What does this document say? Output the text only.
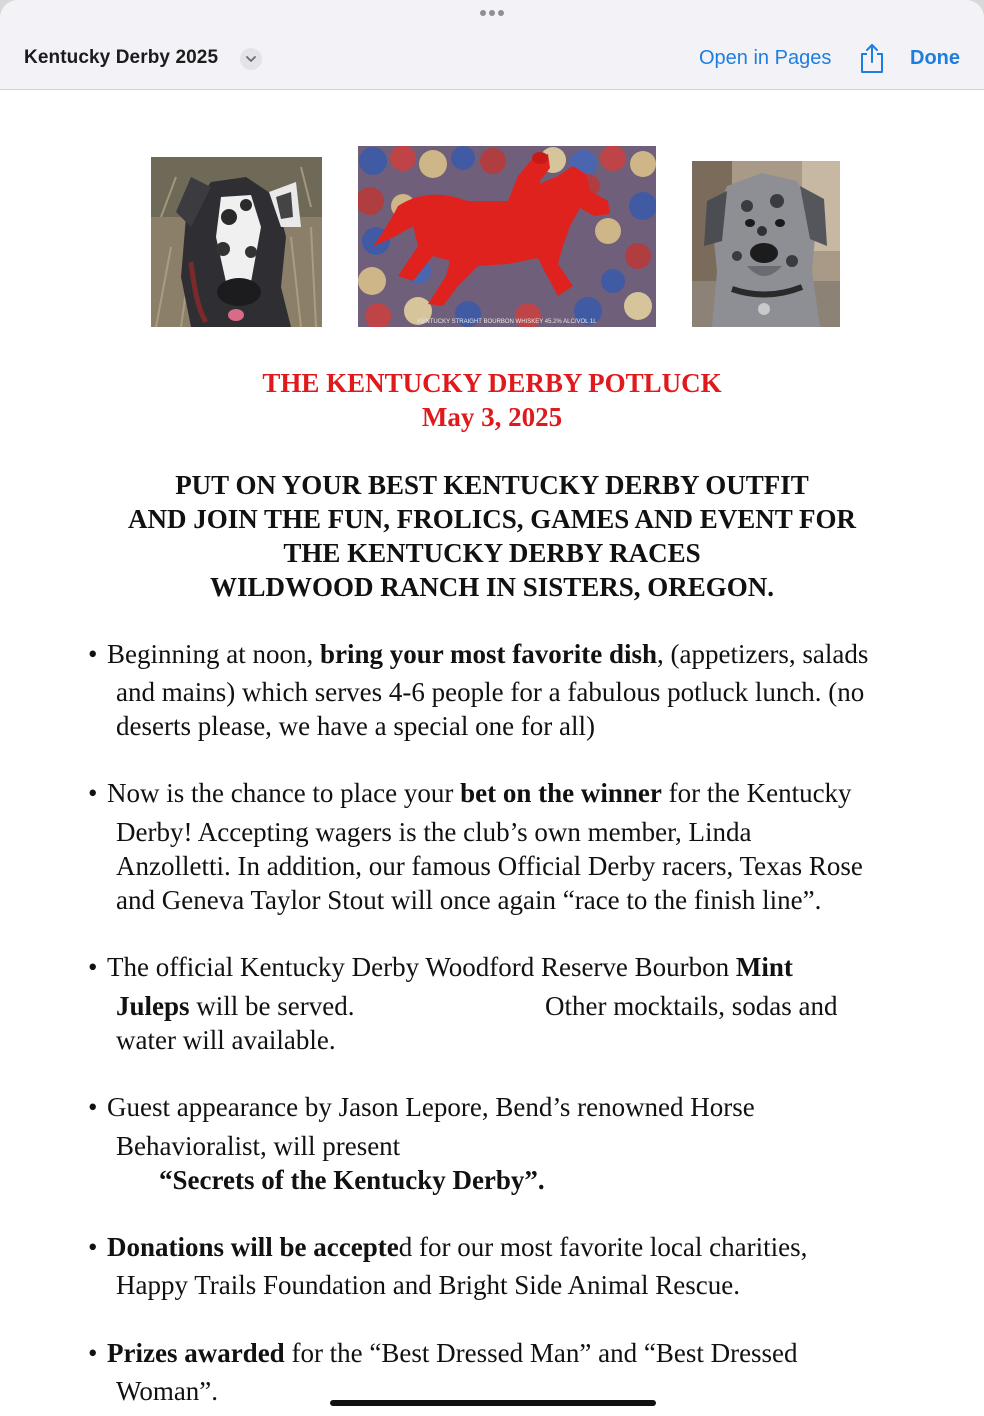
Kentucky Derby 2025	Open in Pages	Done
KENTUCKY STRAIGHT BOURBON WHISKEY 45.2% ALC/VOL 1L
THE KENTUCKY DERBY POTLUCK
May 3, 2025
PUT ON YOUR BEST KENTUCKY DERBY OUTFIT
AND JOIN THE FUN, FROLICS, GAMES AND EVENT FOR
THE KENTUCKY DERBY RACES
WILDWOOD RANCH IN SISTERS, OREGON.
• Beginning at noon, bring your most favorite dish, (appetizers, salads
and mains) which serves 4-6 people for a fabulous potluck lunch. (no
deserts please, we have a special one for all)
• Now is the chance to place your bet on the winner for the Kentucky
Derby! Accepting wagers is the club’s own member, Linda
Anzolletti. In addition, our famous Official Derby racers, Texas Rose
and Geneva Taylor Stout will once again “race to the finish line”.
• The official Kentucky Derby Woodford Reserve Bourbon Mint
Juleps will be served.	Other mocktails, sodas and
water will available.
• Guest appearance by Jason Lepore, Bend’s renowned Horse
Behavioralist, will present
“Secrets of the Kentucky Derby”.
• Donations will be accepted for our most favorite local charities,
Happy Trails Foundation and Bright Side Animal Rescue.
• Prizes awarded for the “Best Dressed Man” and “Best Dressed
Woman”.
